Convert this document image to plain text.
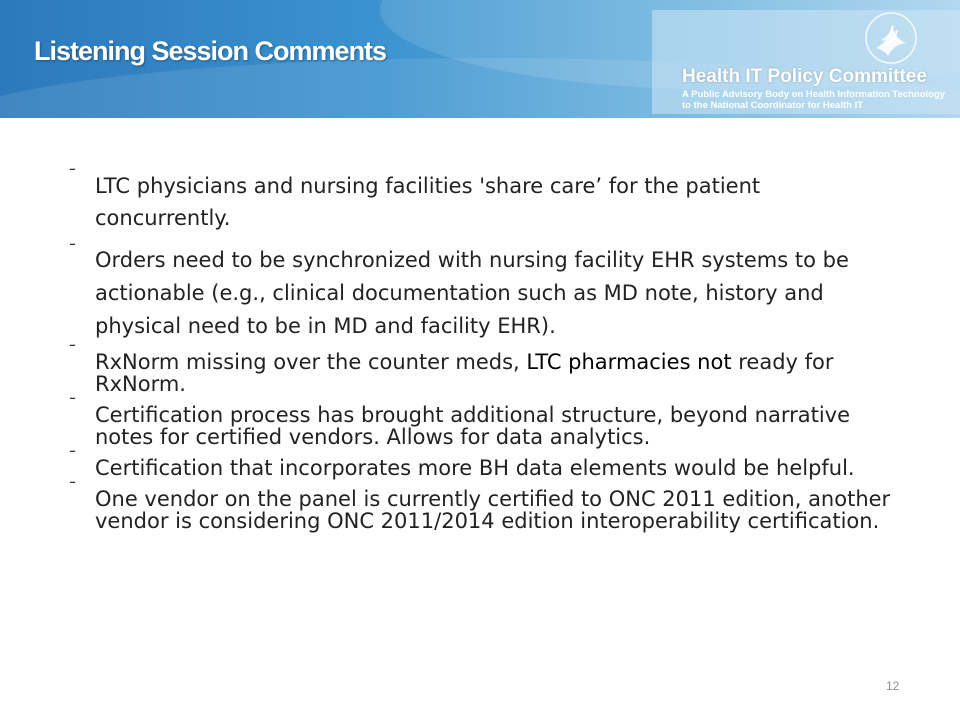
Health IT Policy Committee
A Public Advisory Body on Health Information Technology
to the National Coordinator for Health IT
Listening Session Comments
¯ LTC physicians and nursing facilities 'share care’ for the patient concurrently.
¯ Orders need to be synchronized with nursing facility EHR systems to be actionable (e.g., clinical documentation such as MD note, history and physical need to be in MD and facility EHR).
¯ RxNorm missing over the counter meds, LTC pharmacies not ready for RxNorm.
¯ Certification process has brought additional structure, beyond narrative notes for certified vendors. Allows for data analytics.
¯ Certification that incorporates more BH data elements would be helpful.
¯ One vendor on the panel is currently certified to ONC 2011 edition, another vendor is considering ONC 2011/2014 edition interoperability certification.
12
